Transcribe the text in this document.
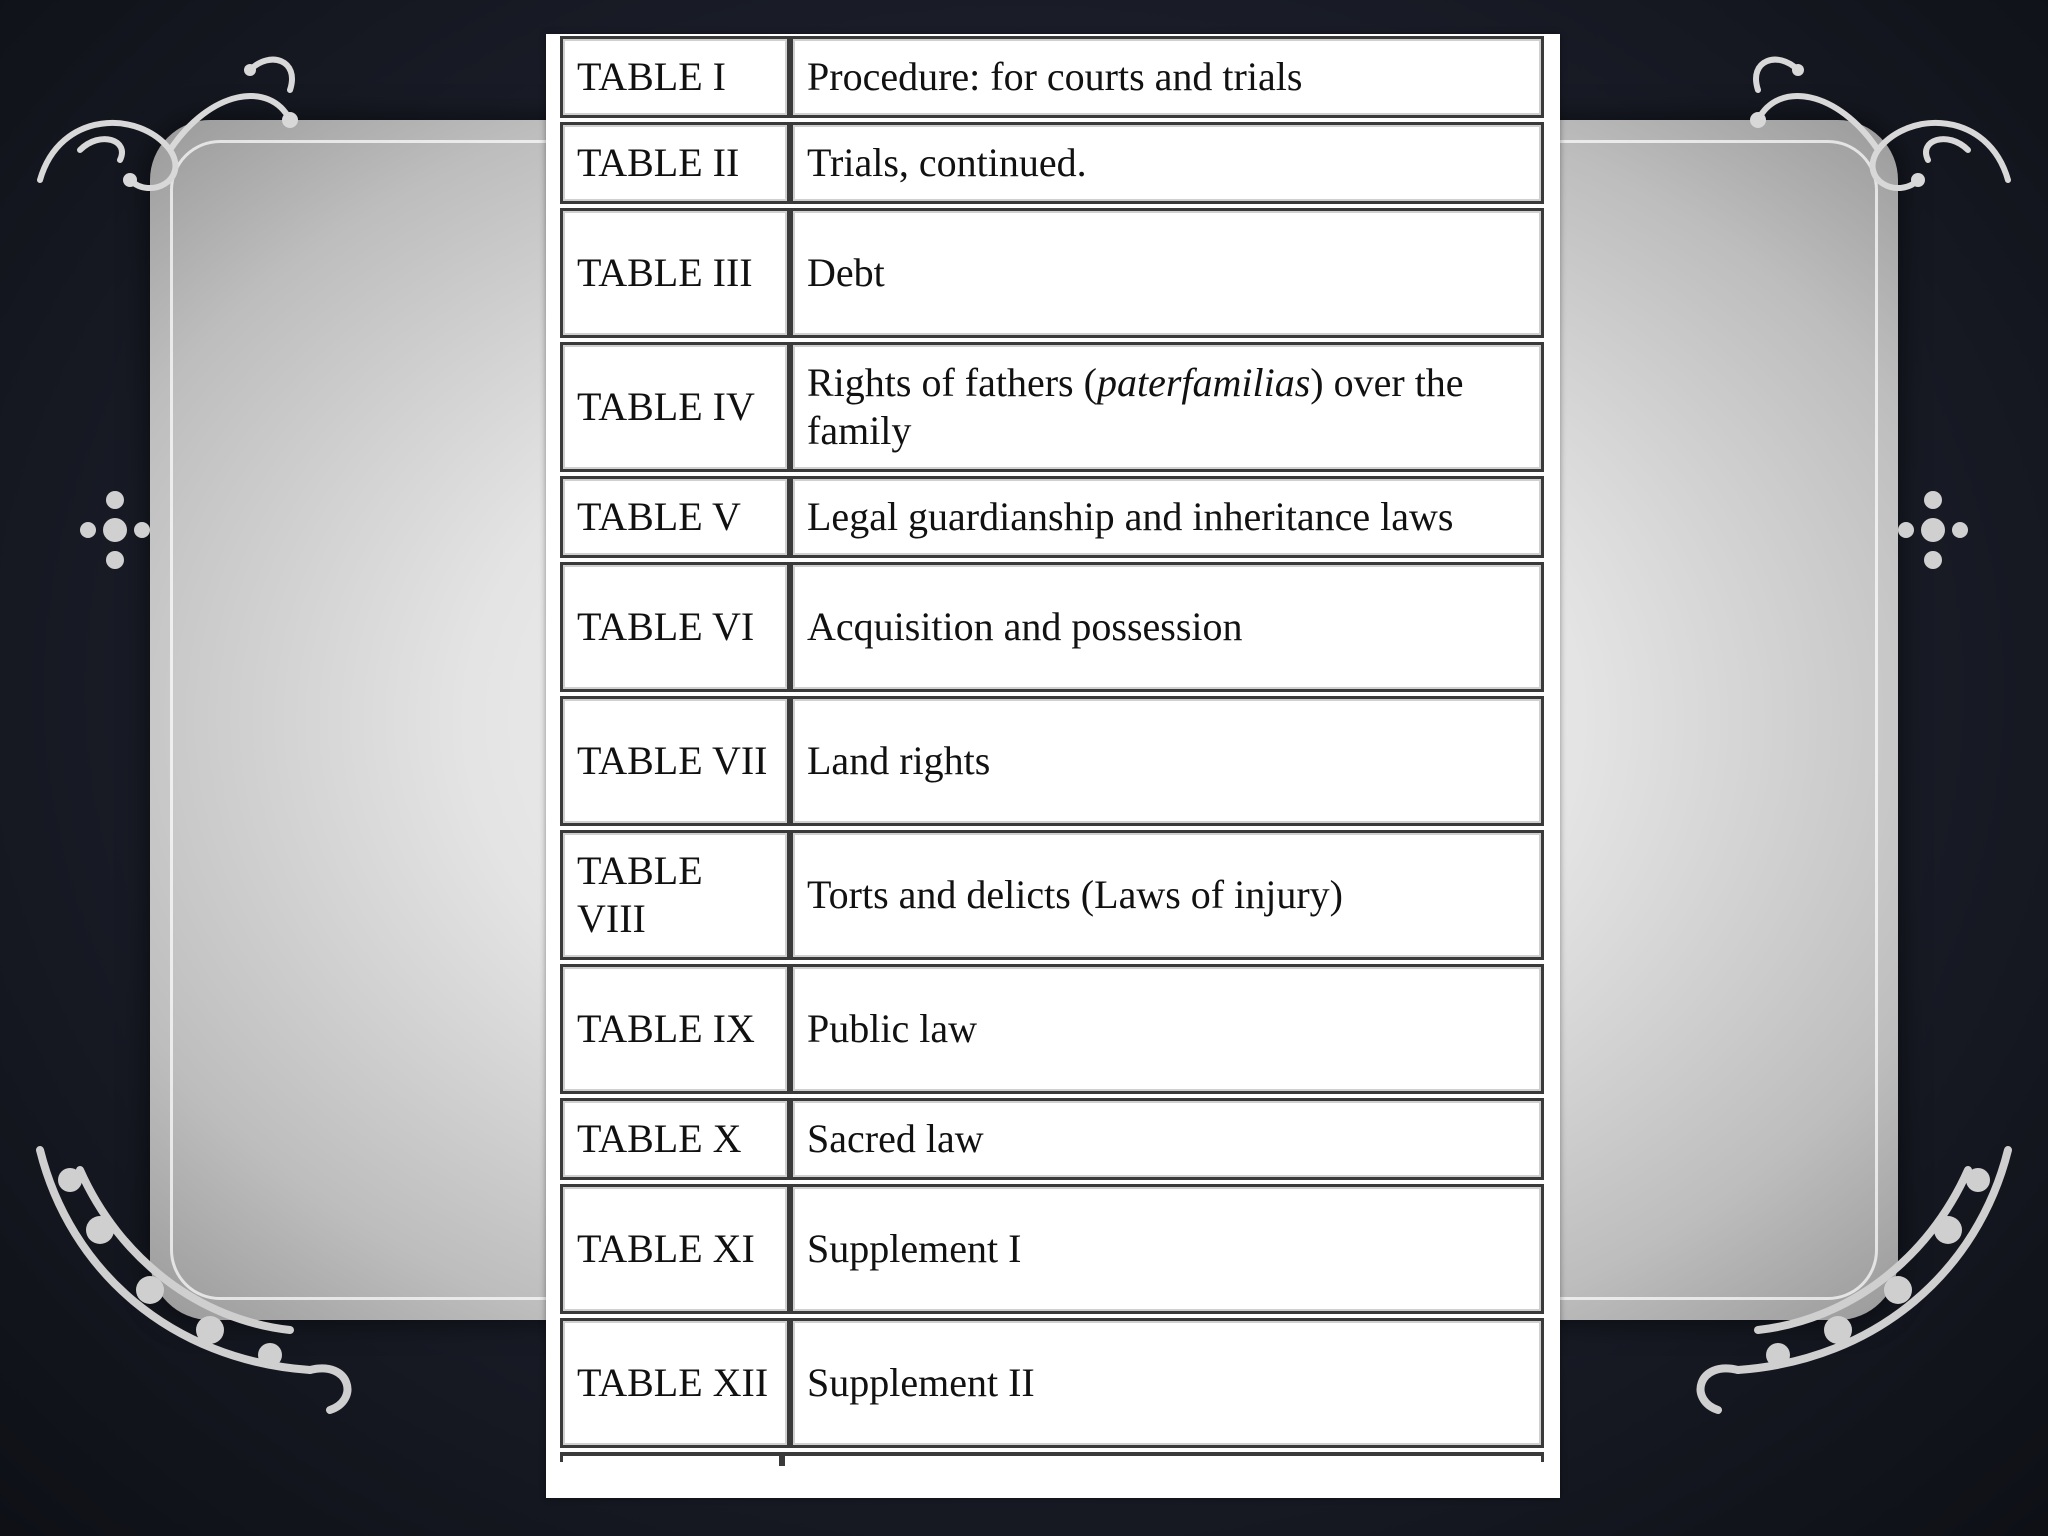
TABLE I	Procedure: for courts and trials
TABLE II	Trials, continued.
TABLE III	Debt
TABLE IV	Rights of fathers (paterfamilias) over the family
TABLE V	Legal guardianship and inheritance laws
TABLE VI	Acquisition and possession
TABLE VII	Land rights
TABLE VIII	Torts and delicts (Laws of injury)
TABLE IX	Public law
TABLE X	Sacred law
TABLE XI	Supplement I
TABLE XII	Supplement II
